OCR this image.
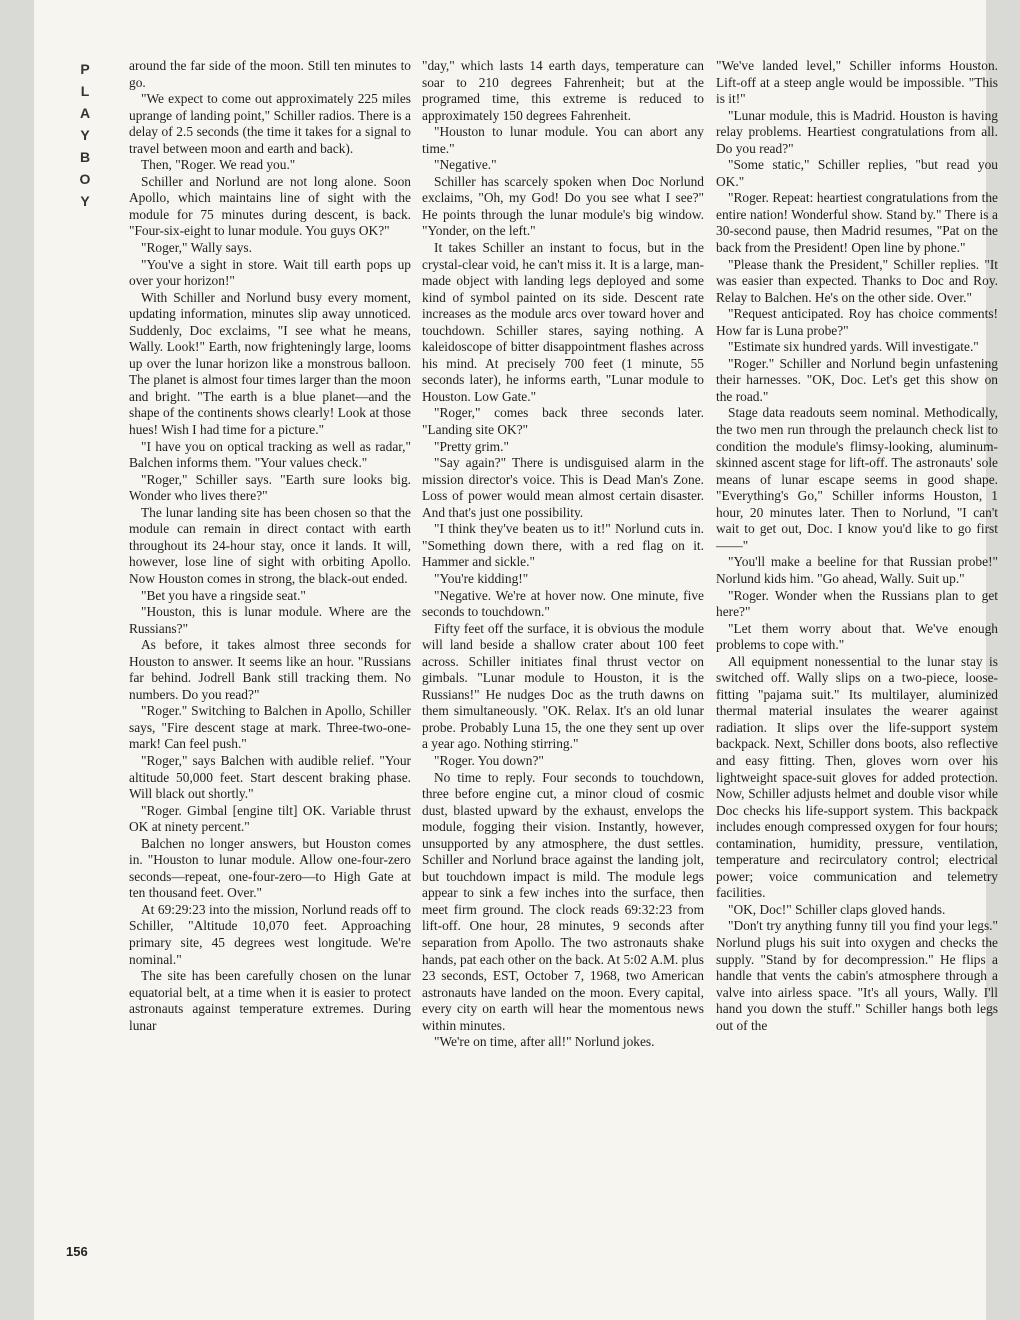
P
L
A
Y
B
O
Y

around the far side of the moon. Still ten minutes to go.

"We expect to come out approximately 225 miles uprange of landing point," Schiller radios. There is a delay of 2.5 seconds (the time it takes for a signal to travel between moon and earth and back).

Then, "Roger. We read you."

Schiller and Norlund are not long alone. Soon Apollo, which maintains line of sight with the module for 75 minutes during descent, is back. "Four-six-eight to lunar module. You guys OK?"

"Roger," Wally says.

"You've a sight in store. Wait till earth pops up over your horizon!"

With Schiller and Norlund busy every moment, updating information, minutes slip away unnoticed. Suddenly, Doc exclaims, "I see what he means, Wally. Look!" Earth, now frighteningly large, looms up over the lunar horizon like a monstrous balloon. The planet is almost four times larger than the moon and bright. "The earth is a blue planet—and the shape of the continents shows clearly! Look at those hues! Wish I had time for a picture."

"I have you on optical tracking as well as radar," Balchen informs them. "Your values check."

"Roger," Schiller says. "Earth sure looks big. Wonder who lives there?"

The lunar landing site has been chosen so that the module can remain in direct contact with earth throughout its 24-hour stay, once it lands. It will, however, lose line of sight with orbiting Apollo. Now Houston comes in strong, the black-out ended.

"Bet you have a ringside seat."

"Houston, this is lunar module. Where are the Russians?"

As before, it takes almost three seconds for Houston to answer. It seems like an hour. "Russians far behind. Jodrell Bank still tracking them. No numbers. Do you read?"

"Roger." Switching to Balchen in Apollo, Schiller says, "Fire descent stage at mark. Three-two-one-mark! Can feel push."

"Roger," says Balchen with audible relief. "Your altitude 50,000 feet. Start descent braking phase. Will black out shortly."

"Roger. Gimbal [engine tilt] OK. Variable thrust OK at ninety percent."

Balchen no longer answers, but Houston comes in. "Houston to lunar module. Allow one-four-zero seconds—repeat, one-four-zero—to High Gate at ten thousand feet. Over."

At 69:29:23 into the mission, Norlund reads off to Schiller, "Altitude 10,070 feet. Approaching primary site, 45 degrees west longitude. We're nominal."

The site has been carefully chosen on the lunar equatorial belt, at a time when it is easier to protect astronauts against temperature extremes. During lunar

"day," which lasts 14 earth days, temperature can soar to 210 degrees Fahrenheit; but at the programed time, this extreme is reduced to approximately 150 degrees Fahrenheit.

"Houston to lunar module. You can abort any time."

"Negative."

Schiller has scarcely spoken when Doc Norlund exclaims, "Oh, my God! Do you see what I see?" He points through the lunar module's big window. "Yonder, on the left."

It takes Schiller an instant to focus, but in the crystal-clear void, he can't miss it. It is a large, man-made object with landing legs deployed and some kind of symbol painted on its side. Descent rate increases as the module arcs over toward hover and touchdown. Schiller stares, saying nothing. A kaleidoscope of bitter disappointment flashes across his mind. At precisely 700 feet (1 minute, 55 seconds later), he informs earth, "Lunar module to Houston. Low Gate."

"Roger," comes back three seconds later. "Landing site OK?"

"Pretty grim."

"Say again?" There is undisguised alarm in the mission director's voice. This is Dead Man's Zone. Loss of power would mean almost certain disaster. And that's just one possibility.

"I think they've beaten us to it!" Norlund cuts in. "Something down there, with a red flag on it. Hammer and sickle."

"You're kidding!"

"Negative. We're at hover now. One minute, five seconds to touchdown."

Fifty feet off the surface, it is obvious the module will land beside a shallow crater about 100 feet across. Schiller initiates final thrust vector on gimbals. "Lunar module to Houston, it is the Russians!" He nudges Doc as the truth dawns on them simultaneously. "OK. Relax. It's an old lunar probe. Probably Luna 15, the one they sent up over a year ago. Nothing stirring."

"Roger. You down?"

No time to reply. Four seconds to touchdown, three before engine cut, a minor cloud of cosmic dust, blasted upward by the exhaust, envelops the module, fogging their vision. Instantly, however, unsupported by any atmosphere, the dust settles. Schiller and Norlund brace against the landing jolt, but touchdown impact is mild. The module legs appear to sink a few inches into the surface, then meet firm ground. The clock reads 69:32:23 from lift-off. One hour, 28 minutes, 9 seconds after separation from Apollo. The two astronauts shake hands, pat each other on the back. At 5:02 A.M. plus 23 seconds, EST, October 7, 1968, two American astronauts have landed on the moon. Every capital, every city on earth will hear the momentous news within minutes.

"We're on time, after all!" Norlund jokes.

"We've landed level," Schiller informs Houston. Lift-off at a steep angle would be impossible. "This is it!"

"Lunar module, this is Madrid. Houston is having relay problems. Heartiest congratulations from all. Do you read?"

"Some static," Schiller replies, "but read you OK."

"Roger. Repeat: heartiest congratulations from the entire nation! Wonderful show. Stand by." There is a 30-second pause, then Madrid resumes, "Pat on the back from the President! Open line by phone."

"Please thank the President," Schiller replies. "It was easier than expected. Thanks to Doc and Roy. Relay to Balchen. He's on the other side. Over."

"Request anticipated. Roy has choice comments! How far is Luna probe?"

"Estimate six hundred yards. Will investigate."

"Roger." Schiller and Norlund begin unfastening their harnesses. "OK, Doc. Let's get this show on the road."

Stage data readouts seem nominal. Methodically, the two men run through the prelaunch check list to condition the module's flimsy-looking, aluminum-skinned ascent stage for lift-off. The astronauts' sole means of lunar escape seems in good shape. "Everything's Go," Schiller informs Houston, 1 hour, 20 minutes later. Then to Norlund, "I can't wait to get out, Doc. I know you'd like to go first——"

"You'll make a beeline for that Russian probe!" Norlund kids him. "Go ahead, Wally. Suit up."

"Roger. Wonder when the Russians plan to get here?"

"Let them worry about that. We've enough problems to cope with."

All equipment nonessential to the lunar stay is switched off. Wally slips on a two-piece, loose-fitting "pajama suit." Its multilayer, aluminized thermal material insulates the wearer against radiation. It slips over the life-support system backpack. Next, Schiller dons boots, also reflective and easy fitting. Then, gloves worn over his lightweight space-suit gloves for added protection. Now, Schiller adjusts helmet and double visor while Doc checks his life-support system. This backpack includes enough compressed oxygen for four hours; contamination, humidity, pressure, ventilation, temperature and recirculatory control; electrical power; voice communication and telemetry facilities.

"OK, Doc!" Schiller claps gloved hands.

"Don't try anything funny till you find your legs." Norlund plugs his suit into oxygen and checks the supply. "Stand by for decompression." He flips a handle that vents the cabin's atmosphere through a valve into airless space. "It's all yours, Wally. I'll hand you down the stuff." Schiller hangs both legs out of the

156
